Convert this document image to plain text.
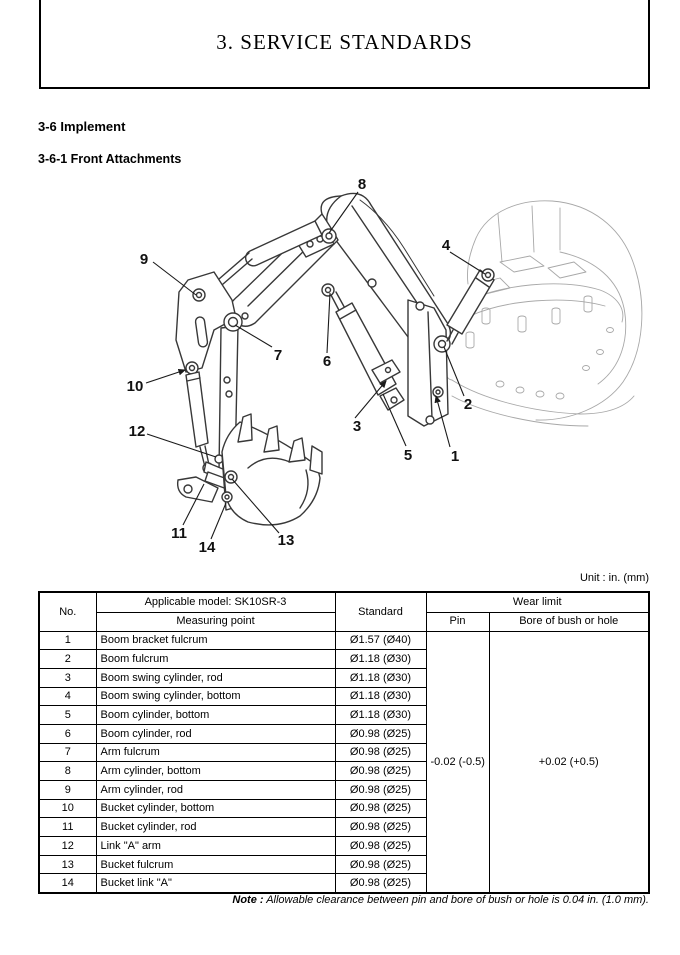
3. SERVICE STANDARDS
3-6 Implement
3-6-1 Front Attachments
1
2
3
4
5
6
7
8
9
10
11
12
13
14
Unit : in. (mm)
No.	Applicable model: SK10SR-3	Standard	Wear limit	
	Measuring point		Pin	Bore of bush or hole
1	Boom bracket fulcrum	Ø1.57 (Ø40)	-0.02 (-0.5)	+0.02 (+0.5)
2	Boom fulcrum	Ø1.18 (Ø30)		
3	Boom swing cylinder, rod	Ø1.18 (Ø30)		
4	Boom swing cylinder, bottom	Ø1.18 (Ø30)		
5	Boom cylinder, bottom	Ø1.18 (Ø30)		
6	Boom cylinder, rod	Ø0.98 (Ø25)		
7	Arm fulcrum	Ø0.98 (Ø25)		
8	Arm cylinder, bottom	Ø0.98 (Ø25)		
9	Arm cylinder, rod	Ø0.98 (Ø25)		
10	Bucket cylinder, bottom	Ø0.98 (Ø25)		
11	Bucket cylinder, rod	Ø0.98 (Ø25)		
12	Link "A" arm	Ø0.98 (Ø25)		
13	Bucket fulcrum	Ø0.98 (Ø25)		
14	Bucket link "A"	Ø0.98 (Ø25)		
Note : Allowable clearance between pin and bore of bush or hole is 0.04 in. (1.0 mm).
